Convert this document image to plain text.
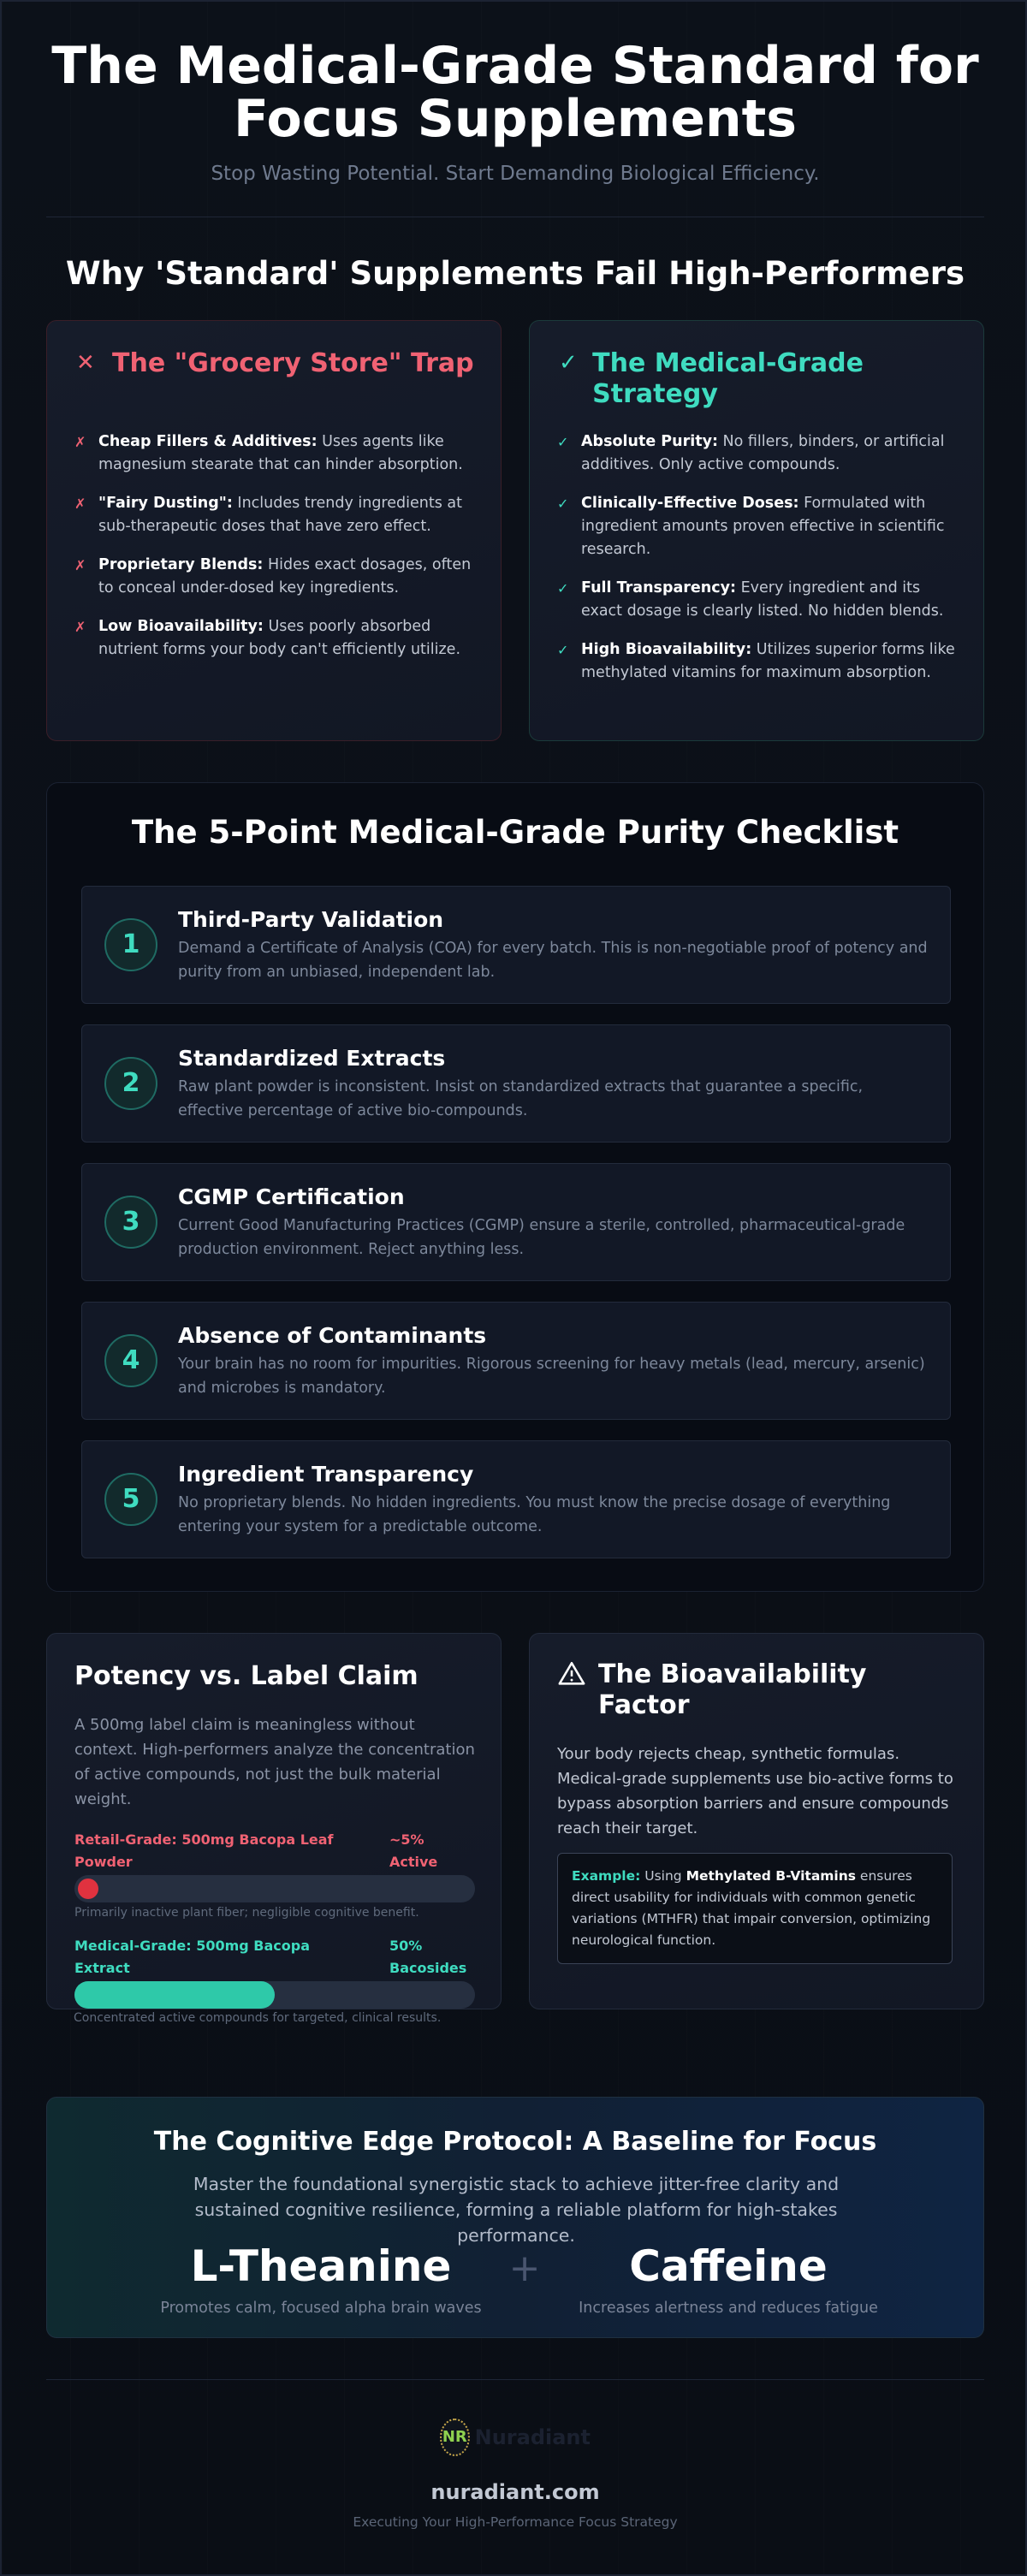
The Medical-Grade Standard for Focus Supplements
Stop Wasting Potential. Start Demanding Biological Efficiency.
Why 'Standard' Supplements Fail High-Performers
✕ The "Grocery Store" Trap
✗ Cheap Fillers & Additives: Uses agents like magnesium stearate that can hinder absorption.
✗ "Fairy Dusting": Includes trendy ingredients at sub-therapeutic doses that have zero effect.
✗ Proprietary Blends: Hides exact dosages, often to conceal under-dosed key ingredients.
✗ Low Bioavailability: Uses poorly absorbed nutrient forms your body can't efficiently utilize.
✓ The Medical-Grade Strategy
✓ Absolute Purity: No fillers, binders, or artificial additives. Only active compounds.
✓ Clinically-Effective Doses: Formulated with ingredient amounts proven effective in scientific research.
✓ Full Transparency: Every ingredient and its exact dosage is clearly listed. No hidden blends.
✓ High Bioavailability: Utilizes superior forms like methylated vitamins for maximum absorption.
The 5-Point Medical-Grade Purity Checklist
1
Third-Party Validation
Demand a Certificate of Analysis (COA) for every batch. This is non-negotiable proof of potency and purity from an unbiased, independent lab.
2
Standardized Extracts
Raw plant powder is inconsistent. Insist on standardized extracts that guarantee a specific, effective percentage of active bio-compounds.
3
CGMP Certification
Current Good Manufacturing Practices (CGMP) ensure a sterile, controlled, pharmaceutical-grade production environment. Reject anything less.
4
Absence of Contaminants
Your brain has no room for impurities. Rigorous screening for heavy metals (lead, mercury, arsenic) and microbes is mandatory.
5
Ingredient Transparency
No proprietary blends. No hidden ingredients. You must know the precise dosage of everything entering your system for a predictable outcome.
Potency vs. Label Claim
A 500mg label claim is meaningless without context. High-performers analyze the concentration of active compounds, not just the bulk material weight.
Retail-Grade: 500mg Bacopa Leaf Powder
~5% Active
Primarily inactive plant fiber; negligible cognitive benefit.
Medical-Grade: 500mg Bacopa Extract
50% Bacosides
Concentrated active compounds for targeted, clinical results.
The Bioavailability Factor
Your body rejects cheap, synthetic formulas. Medical-grade supplements use bio-active forms to bypass absorption barriers and ensure compounds reach their target.
Example: Using Methylated B-Vitamins ensures direct usability for individuals with common genetic variations (MTHFR) that impair conversion, optimizing neurological function.
The Cognitive Edge Protocol: A Baseline for Focus
Master the foundational synergistic stack to achieve jitter-free clarity and sustained cognitive resilience, forming a reliable platform for high-stakes performance.
L-Theanine
Promotes calm, focused alpha brain waves
+	Caffeine
Increases alertness and reduces fatigue
NR Nuradiant
nuradiant.com
Executing Your High-Performance Focus Strategy
